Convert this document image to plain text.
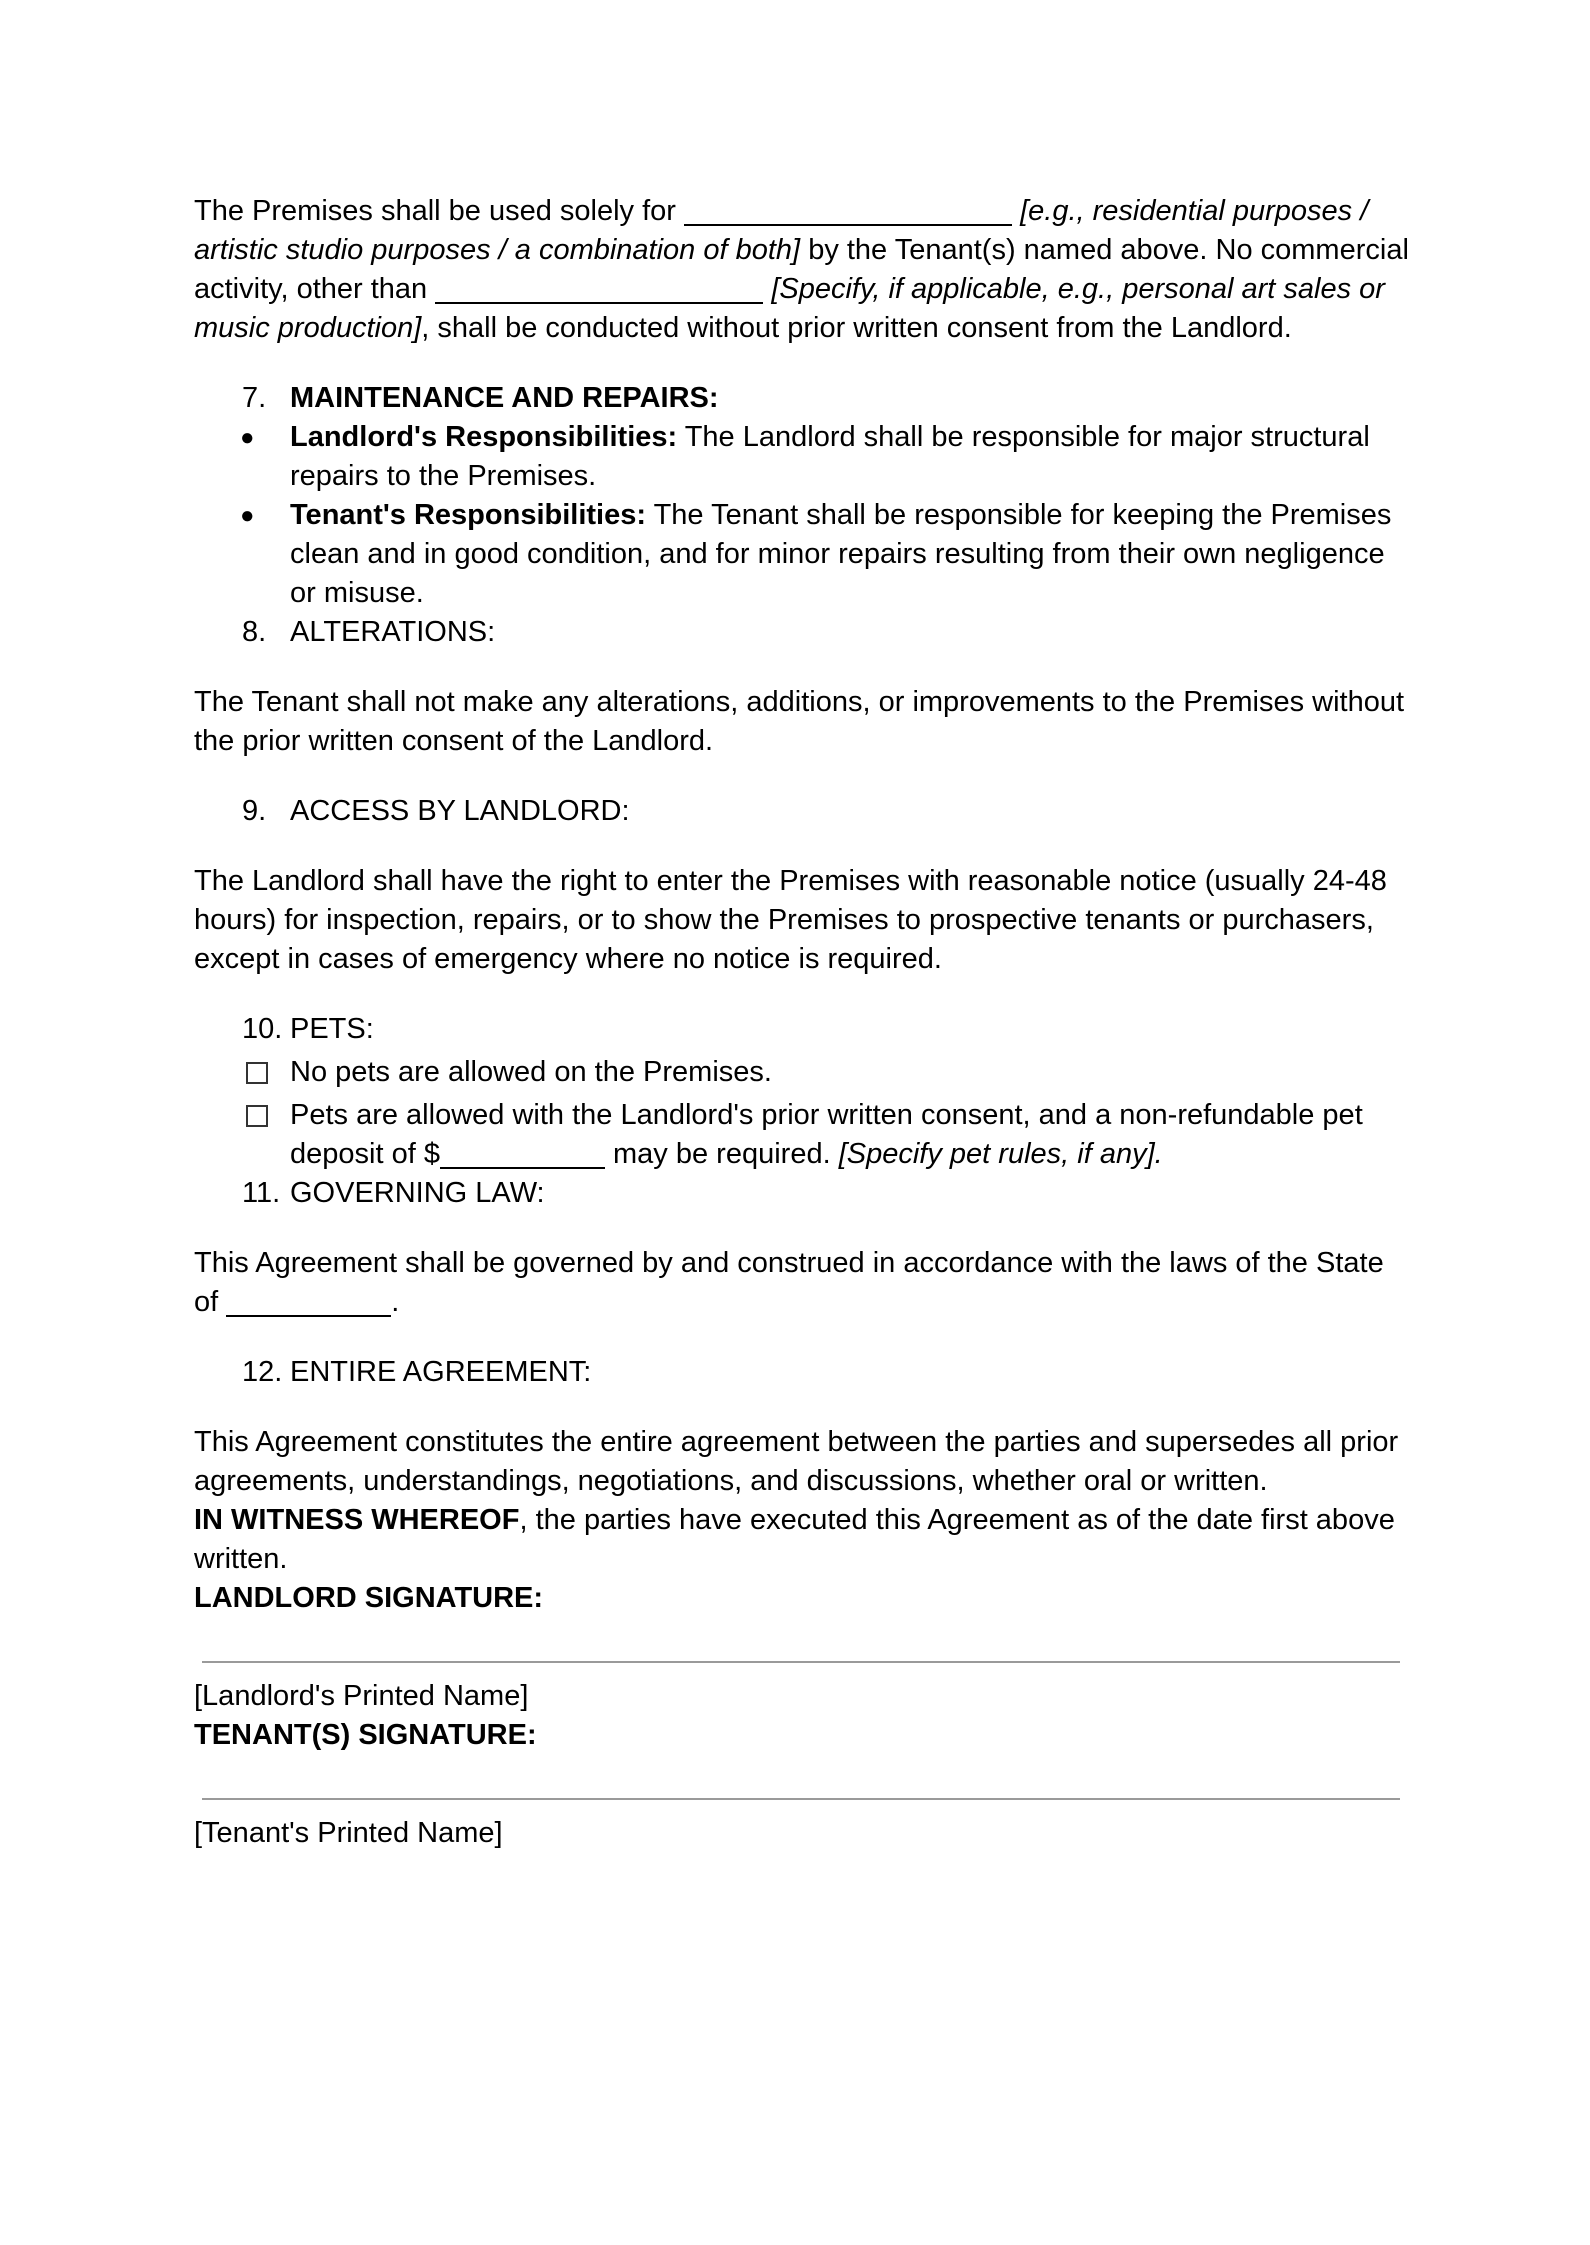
The Premises shall be used solely for	[e.g., residential purposes / artistic studio purposes / a combination of both] by the Tenant(s) named above. No commercial activity, other than	[Specify, if applicable, e.g., personal art sales or music production], shall be conducted without prior written consent from the Landlord.

7. MAINTENANCE AND REPAIRS:
● Landlord's Responsibilities: The Landlord shall be responsible for major structural repairs to the Premises.
● Tenant's Responsibilities: The Tenant shall be responsible for keeping the Premises clean and in good condition, and for minor repairs resulting from their own negligence or misuse.
8. ALTERATIONS:

The Tenant shall not make any alterations, additions, or improvements to the Premises without the prior written consent of the Landlord.

9. ACCESS BY LANDLORD:

The Landlord shall have the right to enter the Premises with reasonable notice (usually 24-48 hours) for inspection, repairs, or to show the Premises to prospective tenants or purchasers, except in cases of emergency where no notice is required.

10. PETS:
No pets are allowed on the Premises.
Pets are allowed with the Landlord's prior written consent, and a non-refundable pet deposit of $	may be required. [Specify pet rules, if any].
11. GOVERNING LAW:

This Agreement shall be governed by and construed in accordance with the laws of the State of	.

12. ENTIRE AGREEMENT:

This Agreement constitutes the entire agreement between the parties and supersedes all prior agreements, understandings, negotiations, and discussions, whether oral or written.

IN WITNESS WHEREOF, the parties have executed this Agreement as of the date first above written.

LANDLORD SIGNATURE:

[Landlord's Printed Name]

TENANT(S) SIGNATURE:

[Tenant's Printed Name]
